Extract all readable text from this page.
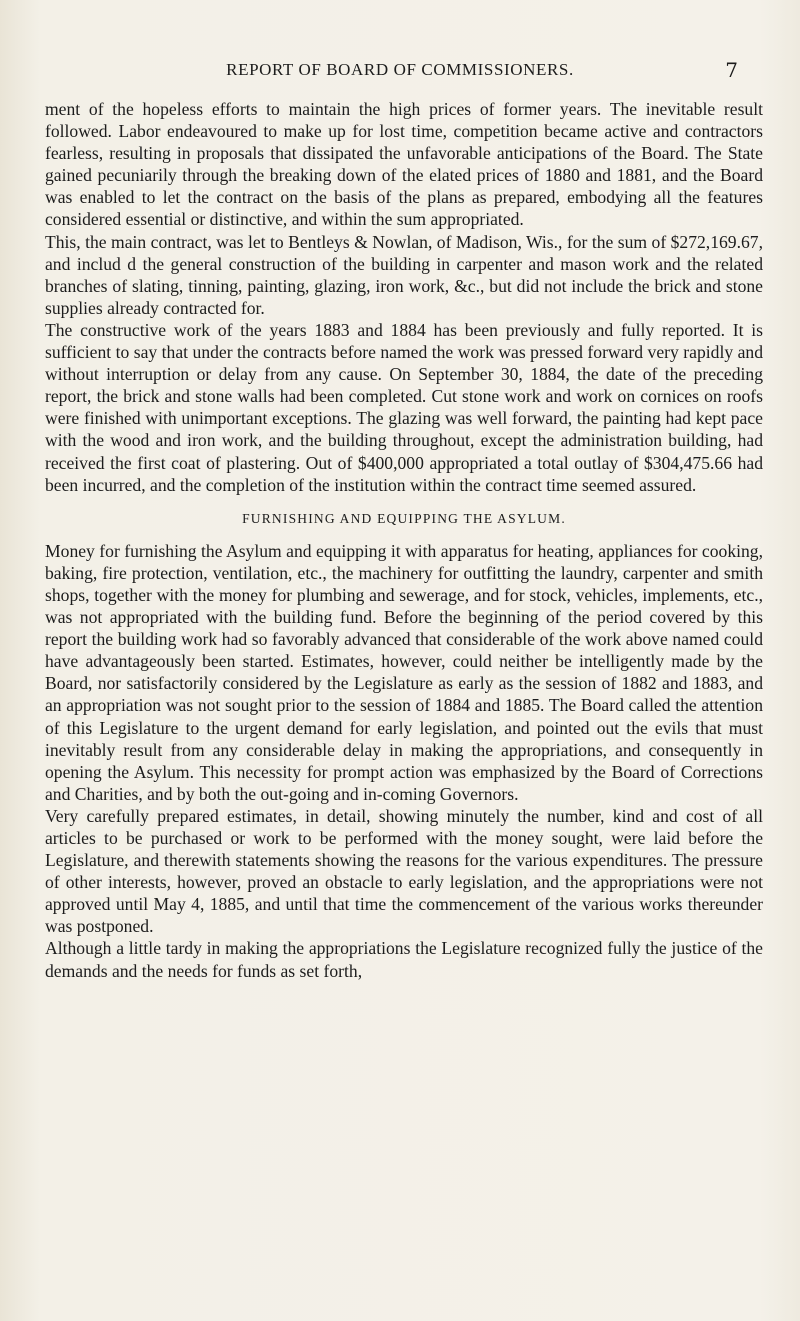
REPORT OF BOARD OF COMMISSIONERS.	7

ment of the hopeless efforts to maintain the high prices of former years. The inevitable result followed. Labor endeavoured to make up for lost time, competition became active and contractors fearless, resulting in proposals that dissipated the unfavorable anticipations of the Board. The State gained pecuniarily through the breaking down of the elated prices of 1880 and 1881, and the Board was enabled to let the contract on the basis of the plans as prepared, embodying all the features considered essential or distinctive, and within the sum appropriated.

This, the main contract, was let to Bentleys & Nowlan, of Madison, Wis., for the sum of $272,169.67, and includ d the general construction of the building in carpenter and mason work and the related branches of slating, tinning, painting, glazing, iron work, &c., but did not include the brick and stone supplies already contracted for.

The constructive work of the years 1883 and 1884 has been previously and fully reported. It is sufficient to say that under the contracts before named the work was pressed forward very rapidly and without interruption or delay from any cause. On September 30, 1884, the date of the preceding report, the brick and stone walls had been completed. Cut stone work and work on cornices on roofs were finished with unimportant exceptions. The glazing was well forward, the painting had kept pace with the wood and iron work, and the building throughout, except the administration building, had received the first coat of plastering. Out of $400,000 appropriated a total outlay of $304,475.66 had been incurred, and the completion of the institution within the contract time seemed assured.

FURNISHING AND EQUIPPING THE ASYLUM.

Money for furnishing the Asylum and equipping it with apparatus for heating, appliances for cooking, baking, fire protection, ventilation, etc., the machinery for outfitting the laundry, carpenter and smith shops, together with the money for plumbing and sewerage, and for stock, vehicles, implements, etc., was not appropriated with the building fund. Before the beginning of the period covered by this report the building work had so favorably advanced that considerable of the work above named could have advantageously been started. Estimates, however, could neither be intelligently made by the Board, nor satisfactorily considered by the Legislature as early as the session of 1882 and 1883, and an appropriation was not sought prior to the session of 1884 and 1885. The Board called the attention of this Legislature to the urgent demand for early legislation, and pointed out the evils that must inevitably result from any considerable delay in making the appropriations, and consequently in opening the Asylum. This necessity for prompt action was emphasized by the Board of Corrections and Charities, and by both the out-going and in-coming Governors.

Very carefully prepared estimates, in detail, showing minutely the number, kind and cost of all articles to be purchased or work to be performed with the money sought, were laid before the Legislature, and therewith statements showing the reasons for the various expenditures. The pressure of other interests, however, proved an obstacle to early legislation, and the appropriations were not approved until May 4, 1885, and until that time the commencement of the various works thereunder was postponed.

Although a little tardy in making the appropriations the Legislature recognized fully the justice of the demands and the needs for funds as set forth,
